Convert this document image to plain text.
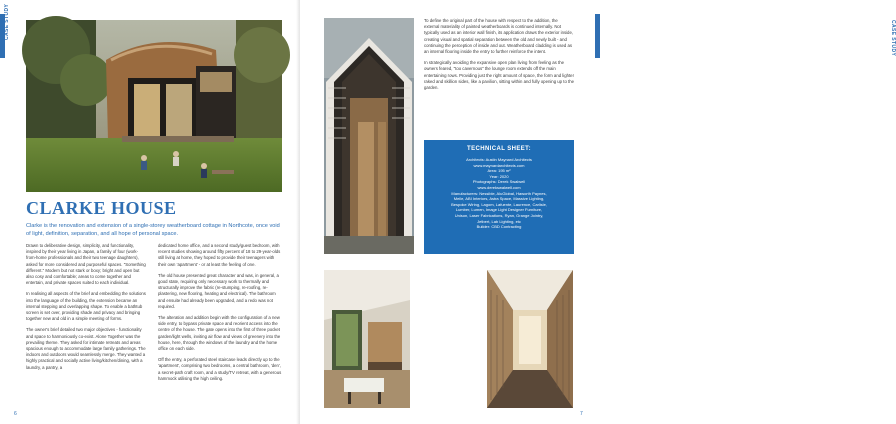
CASE STUDY
CLARKE HOUSE
Clarke is the renovation and extension of a single-storey weatherboard cottage in Northcote, once void of light, definition, separation, and all hope of personal space.

Drawn to deliberative design, simplicity, and functionality, inspired by their year living in Japan, a family of four (work-from-home professionals and their two teenage daughters), asked for more considered and purposeful spaces. "Something different." Modern but not stark or boxy; bright and open but also cosy and comfortable; areas to come together and entertain, and private spaces suited to each individual.

In realising all aspects of the brief and embedding the solutions into the language of the building, the extension became an internal stepping and overlapping shape. To enable a bathtub screen is set over, providing shade and privacy and bringing together new and old in a simple meeting of forms.

The owner's brief detailed two major objectives - functionality and space to harmoniously co-exist. Alone Together was the prevailing theme. They asked for intimate retreats and areas spacious enough to accommodate large family gatherings. The indoors and outdoors would seamlessly merge. They wanted a highly practical and socially active living/kitchen/dining, with a laundry, a pantry, a

dedicated home office, and a second study/guest bedroom, with recent studies showing around fifty percent of 18 to 29-year-olds still living at home, they hoped to provide their teenagers with their own 'apartment' - or at least the feeling of one.

The old house presented great character and was, in general, a good state, requiring only necessary work to thermally and structurally improve the fabric (re-stumping, re-roofing, re-plastering, new flooring, heating and electrical). The bathroom and ensuite had already been upgraded, and a redo was not required.

The alteration and addition begin with the configuration of a new side entry, to bypass private space and reorient access into the centre of the house. The gate opens into the first of three pocket garden/light wells, inviting air flow and views of greenery into the house, here, through the windows of the laundry and the home office on each side.

Off the entry, a perforated steel staircase leads directly up to the 'apartment', comprising two bedrooms, a central bathroom, 'den', a secret-path craft room, and a study/TV retreat, with a generous hammock utilising the high ceiling.

6
CASE STUDY

To define the original part of the house with respect to the addition, the external materiality of painted weatherboards is continued internally. Not typically used as an interior wall finish, its application draws the exterior inside, creating visual and spatial separation between the old and newly built - and continuing the perception of inside and out. Weatherboard cladding is used as an internal flooring inside the entry to further reinforce the intent.

In strategically avoiding the expansive open plan living from feeling as the owners feared, "too cavernous" the lounge room extends off the main entertaining rows. Providing just the right amount of space, the form and lighter raked and skillion sides, like a pavilion, sitting within and fully opening up to the garden.

TECHNICAL SHEET:

Architects: Austin Maynard Architects

www.maynardarchitects.com

Area: 195 m²

Year: 2020

Photographs: Derek Swalwell

www.derekswalwell.com

Manufacturers: Nessible, AluGlobal, Haworth Paynes,

Meile, ABI Interiors, Astra Space, Massive Lighting,

Bespoke Wiring, Lagom, Lafuente, Laurence, Carlisle,

Lumber, Lumen, Image Light Designer Furniture,

Unison, Laser Fabrications, Ryan, Grange Jointry,

Jetbert, Lab Lighting, etc

Builder: CBD Contracting

7
